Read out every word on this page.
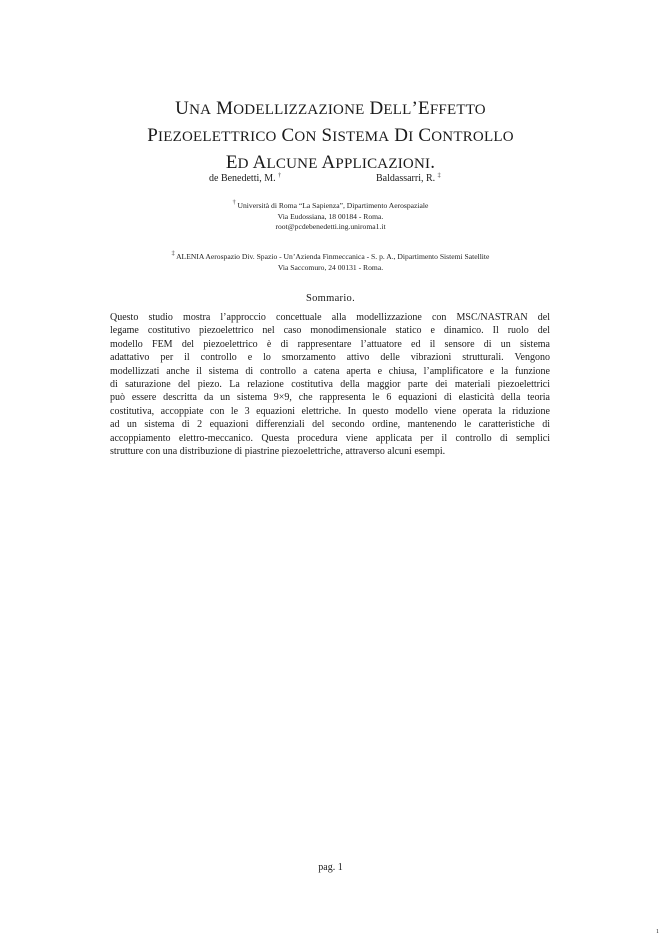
UNA MODELLIZZAZIONE DELL’EFFETTO
PIEZOELETTRICO CON SISTEMA DI CONTROLLO
ED ALCUNE APPLICAZIONI.
de Benedetti, M. †	Baldassarri, R. ‡
† Università di Roma “La Sapienza”, Dipartimento Aerospaziale
Via Eudossiana, 18 00184 - Roma.
root@pcdebenedetti.ing.uniroma1.it
‡ ALENIA Aerospazio Div. Spazio - Un’Azienda Finmeccanica - S. p. A., Dipartimento Sistemi Satellite
Via Saccomuro, 24 00131 - Roma.
Sommario.
Questo studio mostra l’approccio concettuale alla modellizzazione con MSC/NASTRAN del
legame costitutivo piezoelettrico nel caso monodimensionale statico e dinamico. Il ruolo del
modello FEM del piezoelettrico è di rappresentare l’attuatore ed il sensore di un sistema
adattativo per il controllo e lo smorzamento attivo delle vibrazioni strutturali. Vengono
modellizzati anche il sistema di controllo a catena aperta e chiusa, l’amplificatore e la funzione
di saturazione del piezo. La relazione costitutiva della maggior parte dei materiali piezoelettrici
può essere descritta da un sistema 9×9, che rappresenta le 6 equazioni di elasticità della teoria
costitutiva, accoppiate con le 3 equazioni elettriche. In questo modello viene operata la riduzione
ad un sistema di 2 equazioni differenziali del secondo ordine, mantenendo le caratteristiche di
accoppiamento elettro-meccanico. Questa procedura viene applicata per il controllo di semplici
strutture con una distribuzione di piastrine piezoelettriche, attraverso alcuni esempi.
pag. 1
1
